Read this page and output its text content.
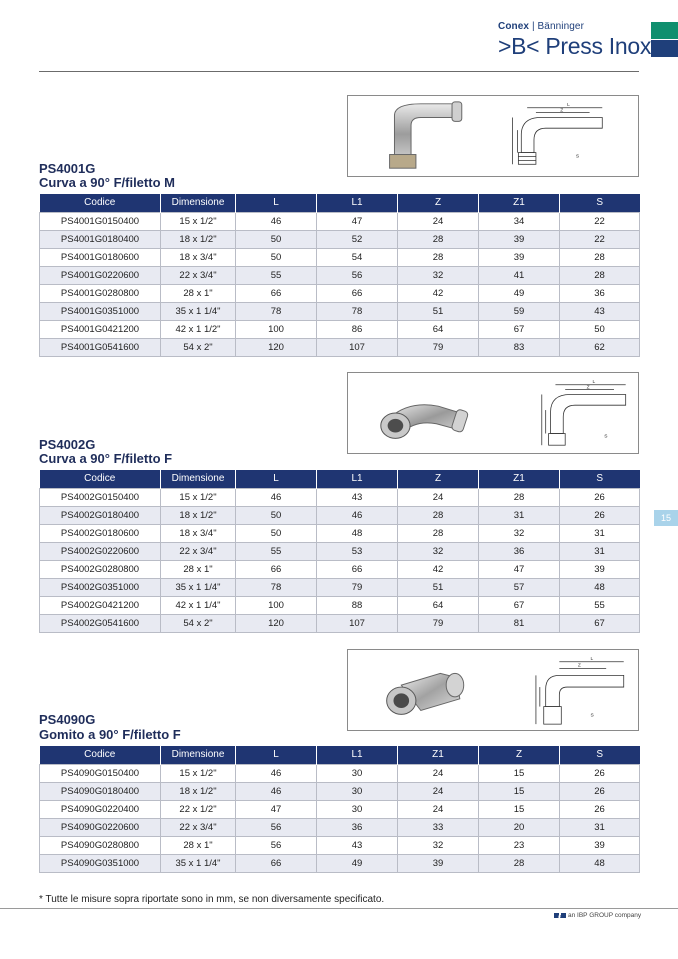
Conex | Bänninger
>B< Press Inox
L
Z
S
PS4001G
Curva a 90° F/filetto M
Codice	Dimensione	L	L1	Z	Z1	S
PS4001G0150400	15 x 1/2"	46	47	24	34	22
PS4001G0180400	18 x 1/2"	50	52	28	39	22
PS4001G0180600	18 x 3/4"	50	54	28	39	28
PS4001G0220600	22 x 3/4"	55	56	32	41	28
PS4001G0280800	28 x 1"	66	66	42	49	36
PS4001G0351000	35 x 1 1/4"	78	78	51	59	43
PS4001G0421200	42 x 1 1/2"	100	86	64	67	50
PS4001G0541600	54 x 2"	120	107	79	83	62
L
Z
S
PS4002G
Curva a 90° F/filetto F
Codice	Dimensione	L	L1	Z	Z1	S
PS4002G0150400	15 x 1/2"	46	43	24	28	26
PS4002G0180400	18 x 1/2"	50	46	28	31	26
PS4002G0180600	18 x 3/4"	50	48	28	32	31
PS4002G0220600	22 x 3/4"	55	53	32	36	31
PS4002G0280800	28 x 1"	66	66	42	47	39
PS4002G0351000	35 x 1 1/4"	78	79	51	57	48
PS4002G0421200	42 x 1 1/4"	100	88	64	67	55
PS4002G0541600	54 x 2"	120	107	79	81	67
15
L
Z
S
PS4090G
Gomito a 90° F/filetto F
Codice	Dimensione	L	L1	Z1	Z	S
PS4090G0150400	15 x 1/2"	46	30	24	15	26
PS4090G0180400	18 x 1/2"	46	30	24	15	26
PS4090G0220400	22 x 1/2"	47	30	24	15	26
PS4090G0220600	22 x 3/4"	56	36	33	20	31
PS4090G0280800	28 x 1"	56	43	32	23	39
PS4090G0351000	35 x 1 1/4"	66	49	39	28	48
* Tutte le misure sopra riportate sono in mm, se non diversamente specificato.
an IBP GROUP company
